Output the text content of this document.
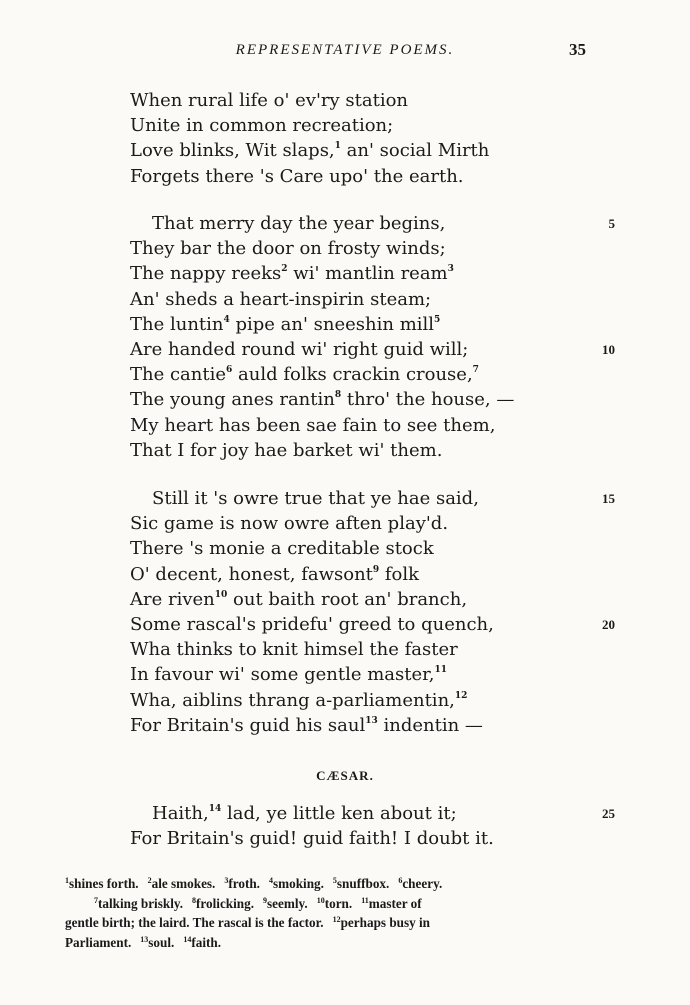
REPRESENTATIVE POEMS.	35
When rural life o' ev'ry station
Unite in common recreation;
Love blinks, Wit slaps,$^1$ an' social Mirth
Forgets there 's Care upo' the earth.
That merry day the year begins,	5
They bar the door on frosty winds;
The nappy reeks$^2$ wi' mantlin ream$^3$
An' sheds a heart-inspirin steam;
The luntin$^4$ pipe an' sneeshin mill$^5$
Are handed round wi' right guid will;	10
The cantie$^6$ auld folks crackin crouse,$^7$
The young anes rantin$^8$ thro' the house, —
My heart has been sae fain to see them,
That I for joy hae barket wi' them.
Still it 's owre true that ye hae said,	15
Sic game is now owre aften play'd.
There 's monie a creditable stock
O' decent, honest, fawsont$^9$ folk
Are riven$^{10}$ out baith root an' branch,
Some rascal's pridefu' greed to quench,	20
Wha thinks to knit himsel the faster
In favour wi' some gentle master,$^{11}$
Wha, aiblins thrang a-parliamentin,$^{12}$
For Britain's guid his saul$^{13}$ indentin —
CÆSAR.
Haith,$^{14}$ lad, ye little ken about it;	25
For Britain's guid! guid faith! I doubt it.
$^1$shines forth. $^2$ale smokes. $^3$froth. $^4$smoking. $^5$snuffbox. $^6$cheery.
$^7$talking briskly. $^8$frolicking. $^9$seemly. $^{10}$torn. $^{11}$master of
gentle birth; the laird. The rascal is the factor. $^{12}$perhaps busy in
Parliament. $^{13}$soul. $^{14}$faith.
